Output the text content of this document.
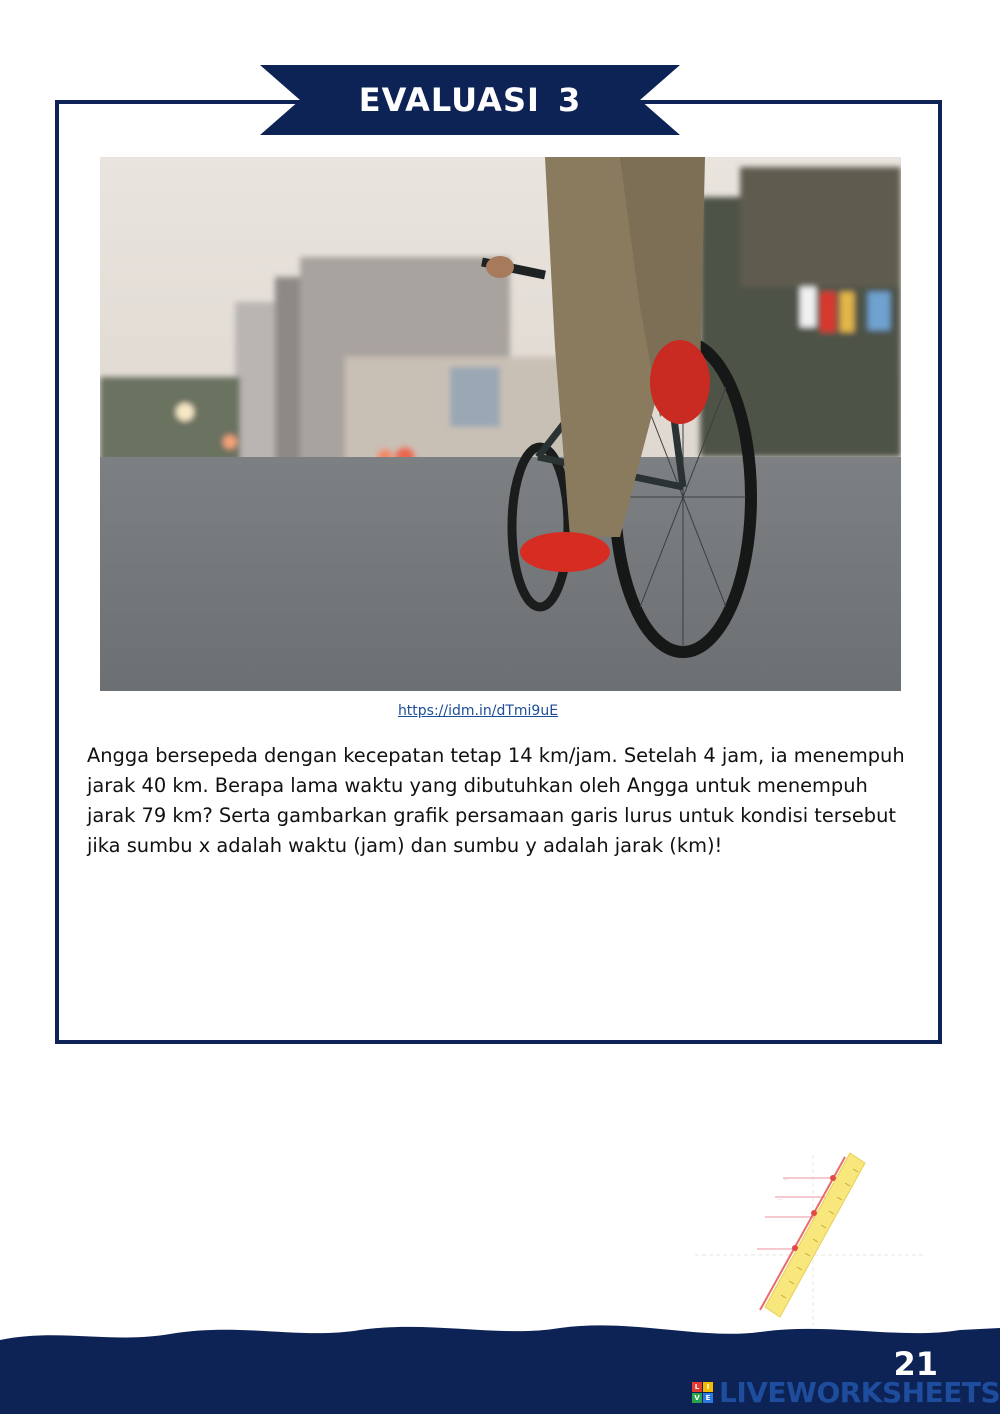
EVALUASI 3
https://idm.in/dTmi9uE
Angga bersepeda dengan kecepatan tetap 14 km/jam. Setelah 4 jam, ia menempuh jarak 40 km. Berapa lama waktu yang dibutuhkan oleh Angga untuk menempuh jarak 79 km? Serta gambarkan grafik persamaan garis lurus untuk kondisi tersebut jika sumbu x adalah waktu (jam) dan sumbu y adalah jarak (km)!
−
−
21
L	I
V E LIVEWORKSHEETS
